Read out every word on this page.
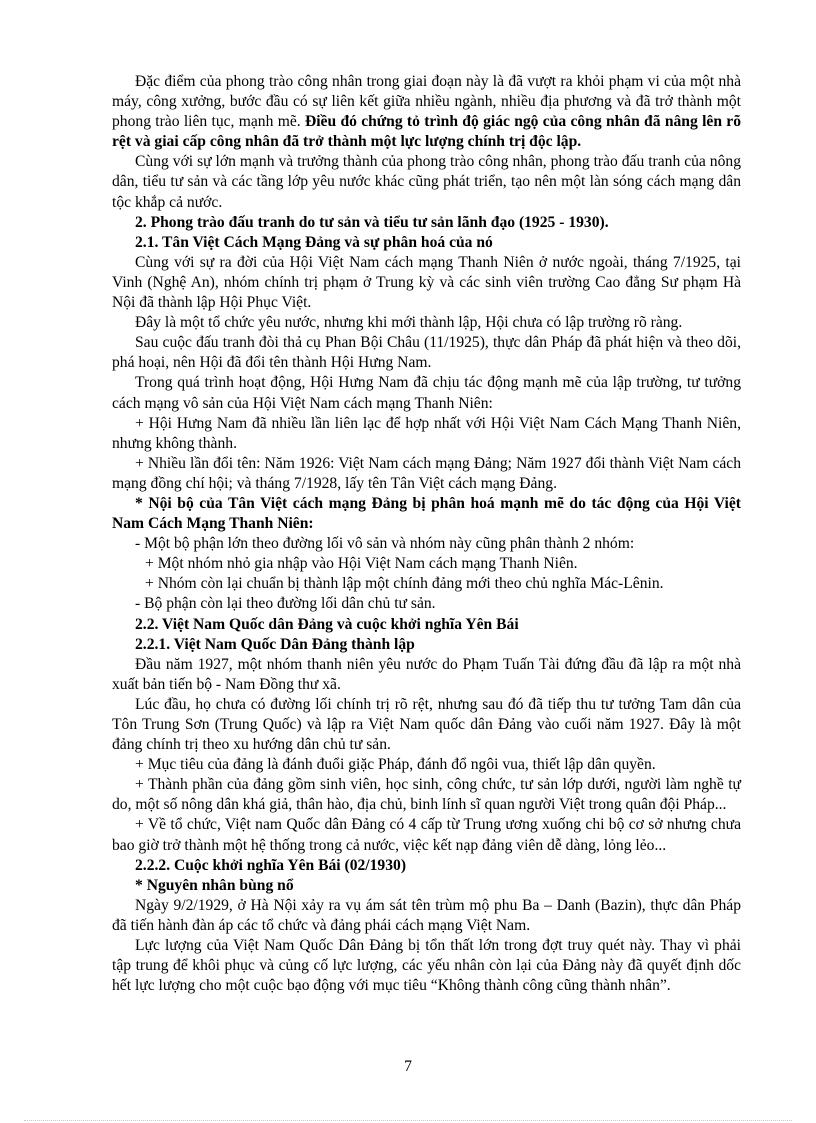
Đặc điểm của phong trào công nhân trong giai đoạn này là đã vượt ra khỏi phạm vi của một nhà máy, công xưởng, bước đầu có sự liên kết giữa nhiều ngành, nhiều địa phương và đã trở thành một phong trào liên tục, mạnh mẽ. Điều đó chứng tỏ trình độ giác ngộ của công nhân đã nâng lên rõ rệt và giai cấp công nhân đã trở thành một lực lượng chính trị độc lập.

Cùng với sự lớn mạnh và trưởng thành của phong trào công nhân, phong trào đấu tranh của nông dân, tiểu tư sản và các tầng lớp yêu nước khác cũng phát triển, tạo nên một làn sóng cách mạng dân tộc khắp cả nước.

2. Phong trào đấu tranh do tư sản và tiểu tư sản lãnh đạo (1925 - 1930).

2.1. Tân Việt Cách Mạng Đảng và sự phân hoá của nó

Cùng với sự ra đời của Hội Việt Nam cách mạng Thanh Niên ở nước ngoài, tháng 7/1925, tại Vinh (Nghệ An), nhóm chính trị phạm ở Trung kỳ và các sinh viên trường Cao đẳng Sư phạm Hà Nội đã thành lập Hội Phục Việt.

Đây là một tổ chức yêu nước, nhưng khi mới thành lập, Hội chưa có lập trường rõ ràng.

Sau cuộc đấu tranh đòi thả cụ Phan Bội Châu (11/1925), thực dân Pháp đã phát hiện và theo dõi, phá hoại, nên Hội đã đổi tên thành Hội Hưng Nam.

Trong quá trình hoạt động, Hội Hưng Nam đã chịu tác động mạnh mẽ của lập trường, tư tưởng cách mạng vô sản của Hội Việt Nam cách mạng Thanh Niên:

+ Hội Hưng Nam đã nhiều lần liên lạc để hợp nhất với Hội Việt Nam Cách Mạng Thanh Niên, nhưng không thành.

+ Nhiều lần đổi tên: Năm 1926: Việt Nam cách mạng Đảng; Năm 1927 đổi thành Việt Nam cách mạng đồng chí hội; và tháng 7/1928, lấy tên Tân Việt cách mạng Đảng.

* Nội bộ của Tân Việt cách mạng Đảng bị phân hoá mạnh mẽ do tác động của Hội Việt Nam Cách Mạng Thanh Niên:

- Một bộ phận lớn theo đường lối vô sản và nhóm này cũng phân thành 2 nhóm:

+ Một nhóm nhỏ gia nhập vào Hội Việt Nam cách mạng Thanh Niên.

+ Nhóm còn lại chuẩn bị thành lập một chính đảng mới theo chủ nghĩa Mác-Lênin.

- Bộ phận còn lại theo đường lối dân chủ tư sản.

2.2. Việt Nam Quốc dân Đảng và cuộc khởi nghĩa Yên Bái

2.2.1. Việt Nam Quốc Dân Đảng thành lập

Đầu năm 1927, một nhóm thanh niên yêu nước do Phạm Tuấn Tài đứng đầu đã lập ra một nhà xuất bản tiến bộ - Nam Đồng thư xã.

Lúc đầu, họ chưa có đường lối chính trị rõ rệt, nhưng sau đó đã tiếp thu tư tưởng Tam dân của Tôn Trung Sơn (Trung Quốc) và lập ra Việt Nam quốc dân Đảng vào cuối năm 1927. Đây là một đảng chính trị theo xu hướng dân chủ tư sản.

+ Mục tiêu của đảng là đánh đuổi giặc Pháp, đánh đổ ngôi vua, thiết lập dân quyền.

+ Thành phần của đảng gồm sinh viên, học sinh, công chức, tư sản lớp dưới, người làm nghề tự do, một số nông dân khá giả, thân hào, địa chủ, binh lính sĩ quan người Việt trong quân đội Pháp...

+ Về tổ chức, Việt nam Quốc dân Đảng có 4 cấp từ Trung ương xuống chi bộ cơ sở nhưng chưa bao giờ trở thành một hệ thống trong cả nước, việc kết nạp đảng viên dễ dàng, lỏng lẻo...

2.2.2. Cuộc khởi nghĩa Yên Bái (02/1930)

* Nguyên nhân bùng nổ

Ngày 9/2/1929, ở Hà Nội xảy ra vụ ám sát tên trùm mộ phu Ba – Danh (Bazin), thực dân Pháp đã tiến hành đàn áp các tổ chức và đảng phái cách mạng Việt Nam.

Lực lượng của Việt Nam Quốc Dân Đảng bị tổn thất lớn trong đợt truy quét này. Thay vì phải tập trung để khôi phục và củng cố lực lượng, các yếu nhân còn lại của Đảng này đã quyết định dốc hết lực lượng cho một cuộc bạo động với mục tiêu “Không thành công cũng thành nhân”.

7
